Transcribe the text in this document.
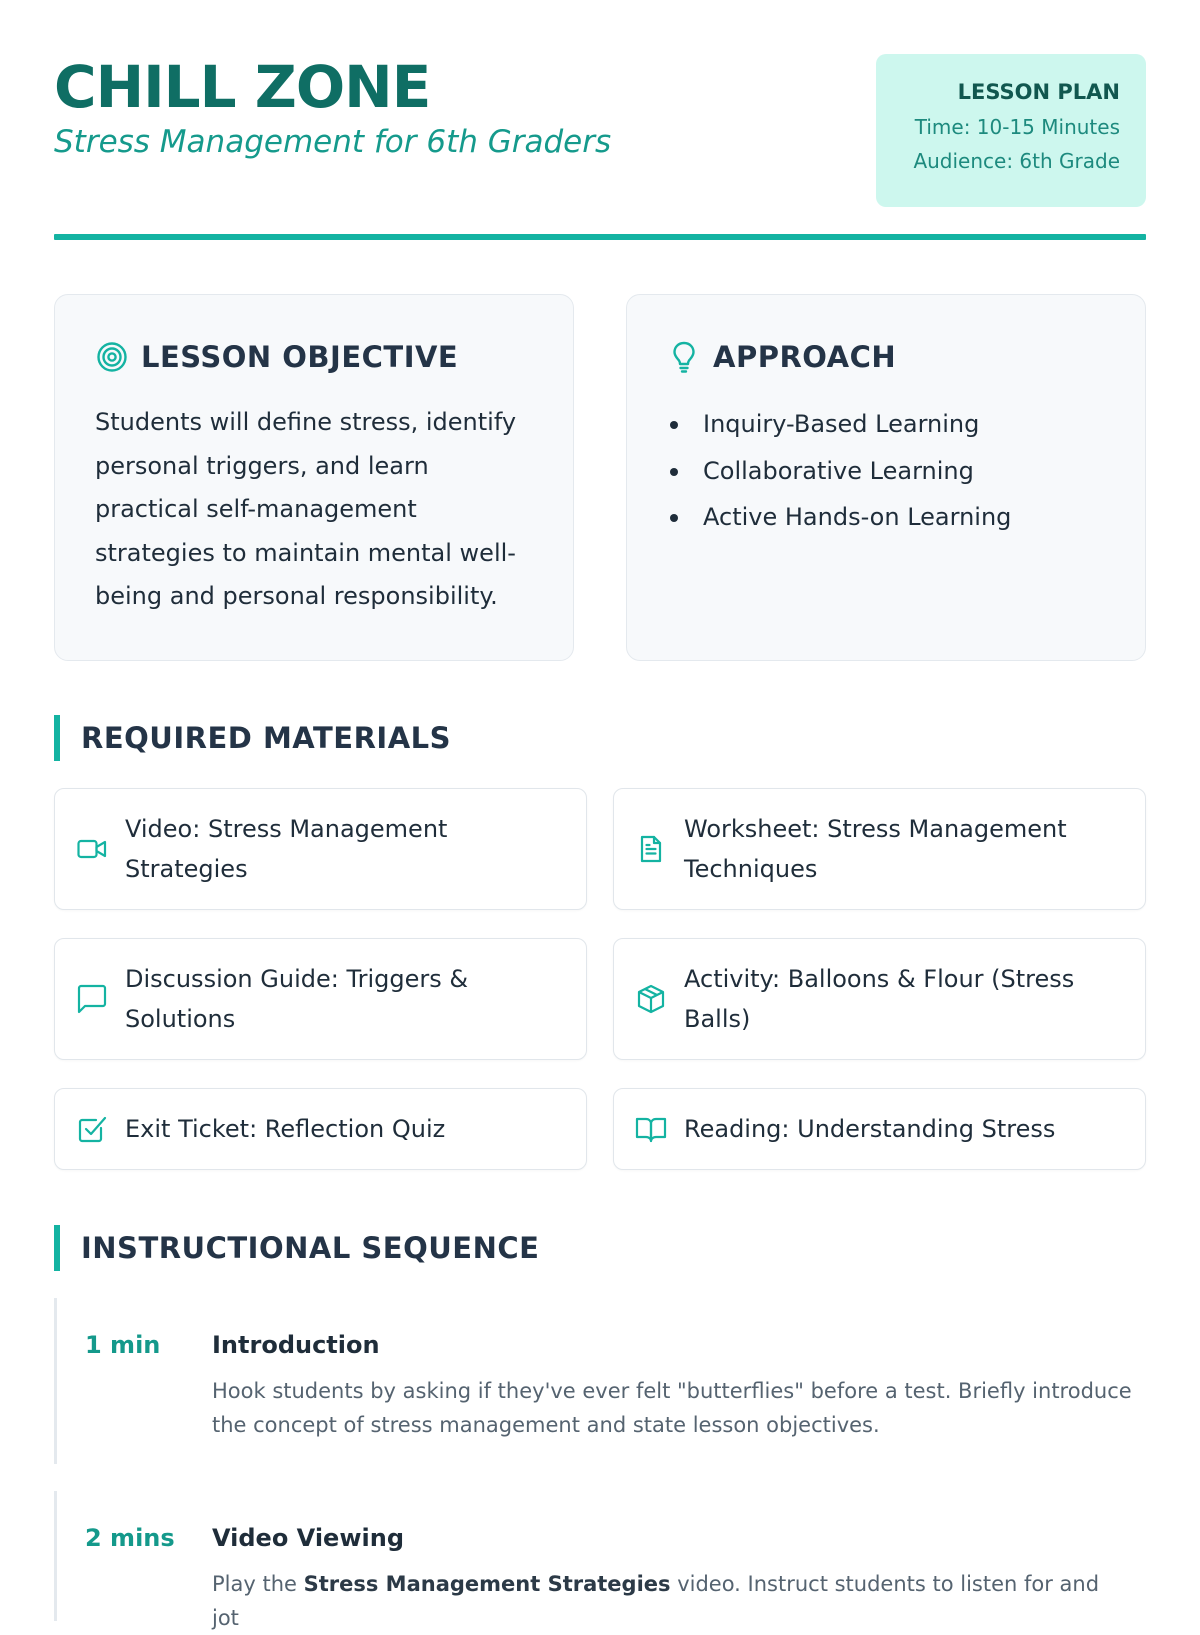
CHILL ZONE
Stress Management for 6th Graders
LESSON PLAN
Time: 10-15 Minutes
Audience: 6th Grade
LESSON OBJECTIVE

Students will define stress, identify personal triggers, and learn practical self-management strategies to maintain mental well-being and personal responsibility.

APPROACH
Inquiry-Based Learning
Collaborative Learning
Active Hands-on Learning
REQUIRED MATERIALS
Video: Stress Management Strategies
Worksheet: Stress Management Techniques
Discussion Guide: Triggers & Solutions
Activity: Balloons & Flour (Stress Balls)
Exit Ticket: Reflection Quiz	Reading: Understanding Stress
INSTRUCTIONAL SEQUENCE
1 min Introduction

Hook students by asking if they've ever felt "butterflies" before a test. Briefly introduce the concept of stress management and state lesson objectives.

2 mins Video Viewing

Play the Stress Management Strategies video. Instruct students to listen for and jot
